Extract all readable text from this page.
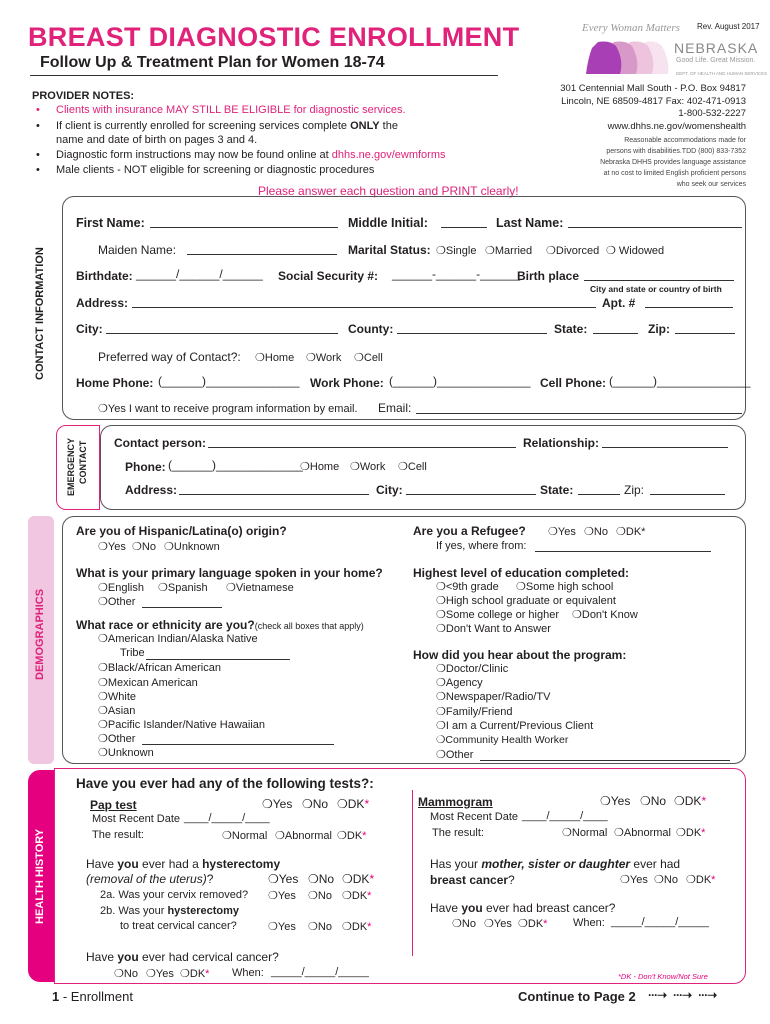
BREAST DIAGNOSTIC ENROLLMENT
Follow Up & Treatment Plan for Women 18-74
Every Woman Matters Rev. August 2017
NEBRASKA
Good Life. Great Mission.
DEPT. OF HEALTH AND HUMAN SERVICES
PROVIDER NOTES:
• Clients with insurance MAY STILL BE ELIGIBLE for diagnostic services.
• If client is currently enrolled for screening services complete ONLY the
name and date of birth on pages 3 and 4.
• Diagnostic form instructions may now be found online at dhhs.ne.gov/ewmforms
• Male clients - NOT eligible for screening or diagnostic procedures
301 Centennial Mall South - P.O. Box 94817
Lincoln, NE 68509-4817 Fax: 402-471-0913
1-800-532-2227
www.dhhs.ne.gov/womenshealth
Reasonable accommodations made for
persons with disabilities.TDD (800) 833-7352
Nebraska DHHS provides language assistance
at no cost to limited English proficient persons
who seek our services
Please answer each question and PRINT clearly!
CONTACT INFORMATION
First Name:	Middle Initial:	Last Name:
Maiden Name:	Marital Status: ❍Single ❍Married ❍Divorced ❍ Widowed
Birthdate: ______/______/______ Social Security #: ______-______-______
Birth place
City and state or country of birth
Address:	Apt. #
City:	County:	State:	Zip:
Preferred way of Contact?: ❍Home ❍Work ❍Cell
Home Phone: (______)______________ Work Phone: (______)______________ Cell Phone: (______)______________
❍Yes I want to receive program information by email. Email:
EMERGENCY CONTACT Contact person:	Relationship:
Phone: (______)_____________
❍Home ❍Work ❍Cell
Address:	City:	State:	Zip:
DEMOGRAPHICS
Are you of Hispanic/Latina(o) origin?
❍Yes ❍No ❍Unknown
Are you a Refugee? ❍Yes ❍No ❍DK*
If yes, where from:
What is your primary language spoken in your home?
❍English ❍Spanish ❍Vietnamese
❍Other
Highest level of education completed:
❍<9th grade ❍Some high school
❍High school graduate or equivalent
❍Some college or higher ❍Don't Know
❍Don't Want to Answer
What race or ethnicity are you?(check all boxes that apply)
❍American Indian/Alaska Native
Tribe
❍Black/African American
❍Mexican American
❍White
❍Asian
❍Pacific Islander/Native Hawaiian
❍Other
❍Unknown
How did you hear about the program:
❍Doctor/Clinic
❍Agency
❍Newspaper/Radio/TV
❍Family/Friend
❍I am a Current/Previous Client
❍Community Health Worker
❍Other
HEALTH HISTORY
Have you ever had any of the following tests?:
Pap test	❍Yes ❍No ❍DK*
Most Recent Date ____/_____/____
The result:	❍Normal ❍Abnormal ❍DK*
Have you ever had a hysterectomy
(removal of the uterus)?	❍Yes ❍No ❍DK*
2a. Was your cervix removed? ❍Yes ❍No ❍DK*
2b. Was your hysterectomy
to treat cervical cancer?	❍Yes ❍No ❍DK*
Have you ever had cervical cancer?
❍No ❍Yes ❍DK* When: _____/_____/_____
Mammogram	❍Yes ❍No ❍DK*
Most Recent Date ____/_____/____
The result:	❍Normal ❍Abnormal ❍DK*
Has your mother, sister or daughter ever had
breast cancer?	❍Yes ❍No ❍DK*
Have you ever had breast cancer?
❍No ❍Yes ❍DK* When: _____/_____/_____
*DK - Don't Know/Not Sure
1 - Enrollment	Continue to Page 2 ···➝   ···➝   ···➝
